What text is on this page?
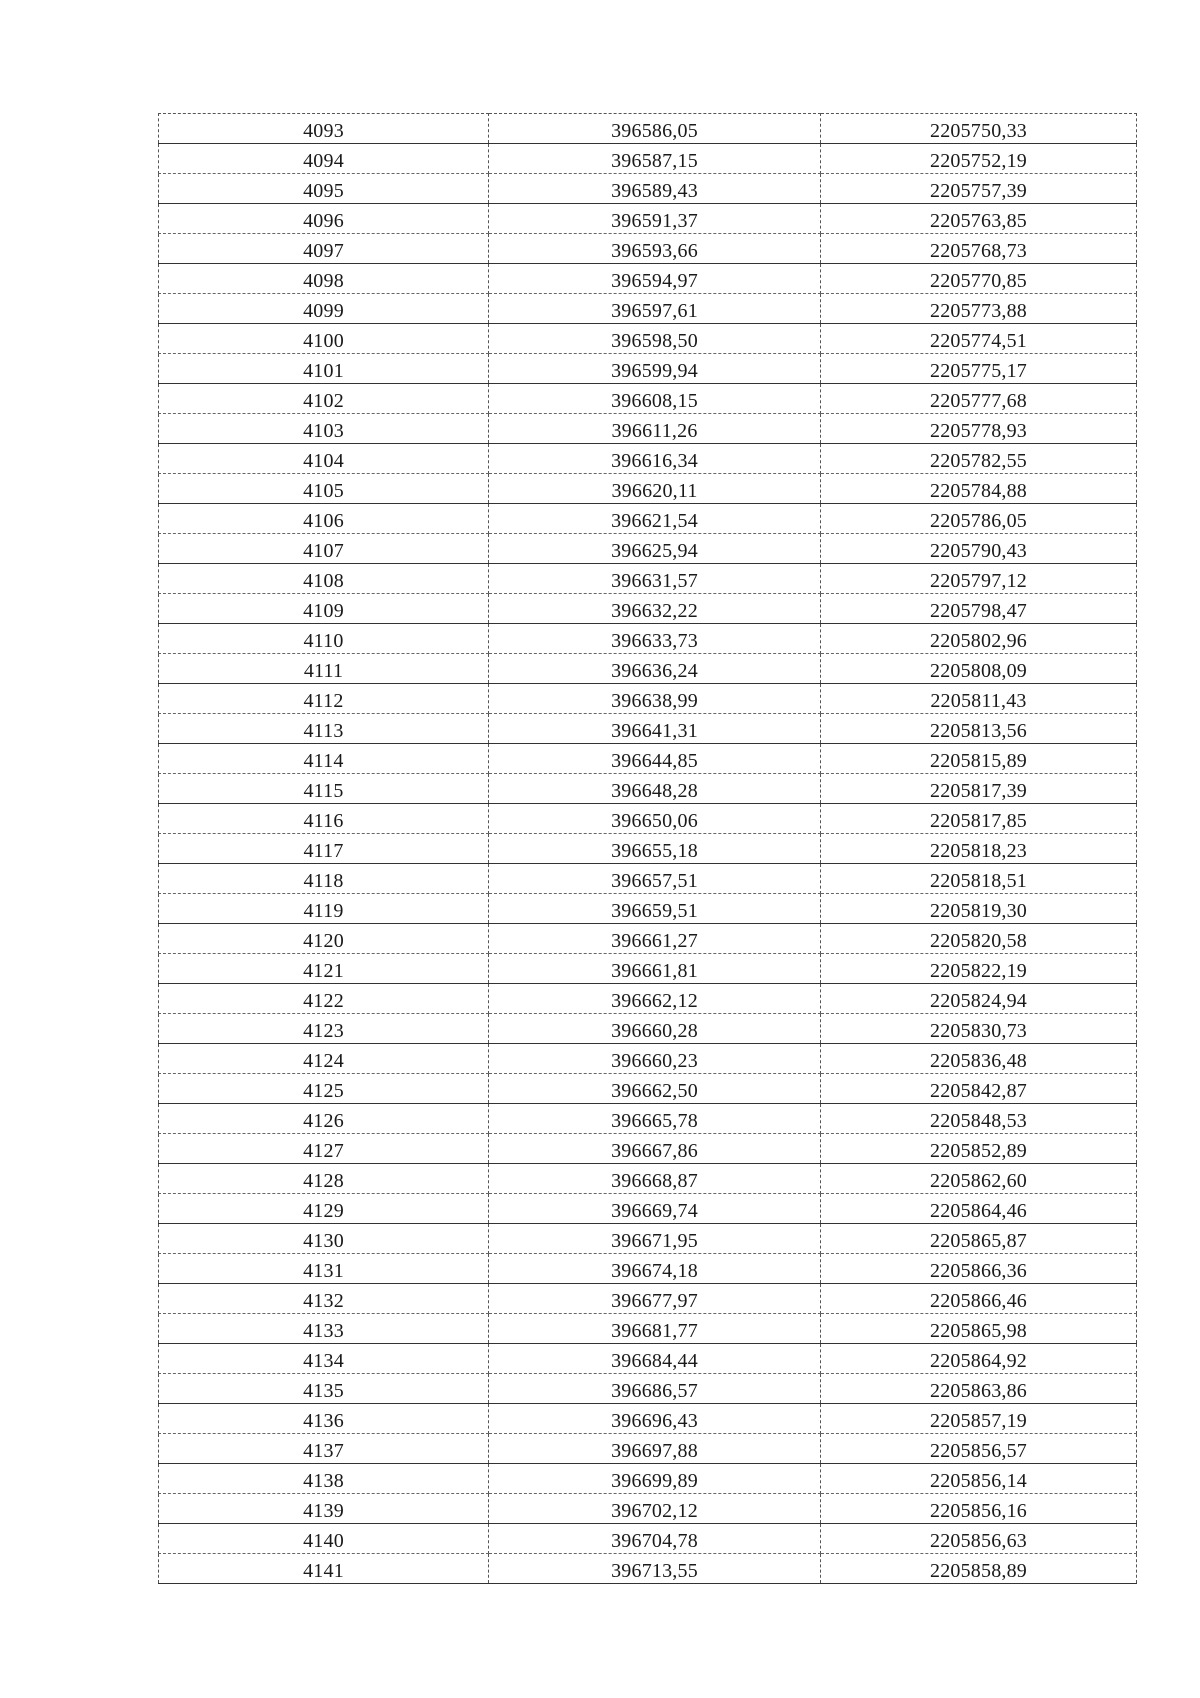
4093	396586,05	2205750,33
4094	396587,15	2205752,19
4095	396589,43	2205757,39
4096	396591,37	2205763,85
4097	396593,66	2205768,73
4098	396594,97	2205770,85
4099	396597,61	2205773,88
4100	396598,50	2205774,51
4101	396599,94	2205775,17
4102	396608,15	2205777,68
4103	396611,26	2205778,93
4104	396616,34	2205782,55
4105	396620,11	2205784,88
4106	396621,54	2205786,05
4107	396625,94	2205790,43
4108	396631,57	2205797,12
4109	396632,22	2205798,47
4110	396633,73	2205802,96
4111	396636,24	2205808,09
4112	396638,99	2205811,43
4113	396641,31	2205813,56
4114	396644,85	2205815,89
4115	396648,28	2205817,39
4116	396650,06	2205817,85
4117	396655,18	2205818,23
4118	396657,51	2205818,51
4119	396659,51	2205819,30
4120	396661,27	2205820,58
4121	396661,81	2205822,19
4122	396662,12	2205824,94
4123	396660,28	2205830,73
4124	396660,23	2205836,48
4125	396662,50	2205842,87
4126	396665,78	2205848,53
4127	396667,86	2205852,89
4128	396668,87	2205862,60
4129	396669,74	2205864,46
4130	396671,95	2205865,87
4131	396674,18	2205866,36
4132	396677,97	2205866,46
4133	396681,77	2205865,98
4134	396684,44	2205864,92
4135	396686,57	2205863,86
4136	396696,43	2205857,19
4137	396697,88	2205856,57
4138	396699,89	2205856,14
4139	396702,12	2205856,16
4140	396704,78	2205856,63
4141	396713,55	2205858,89
